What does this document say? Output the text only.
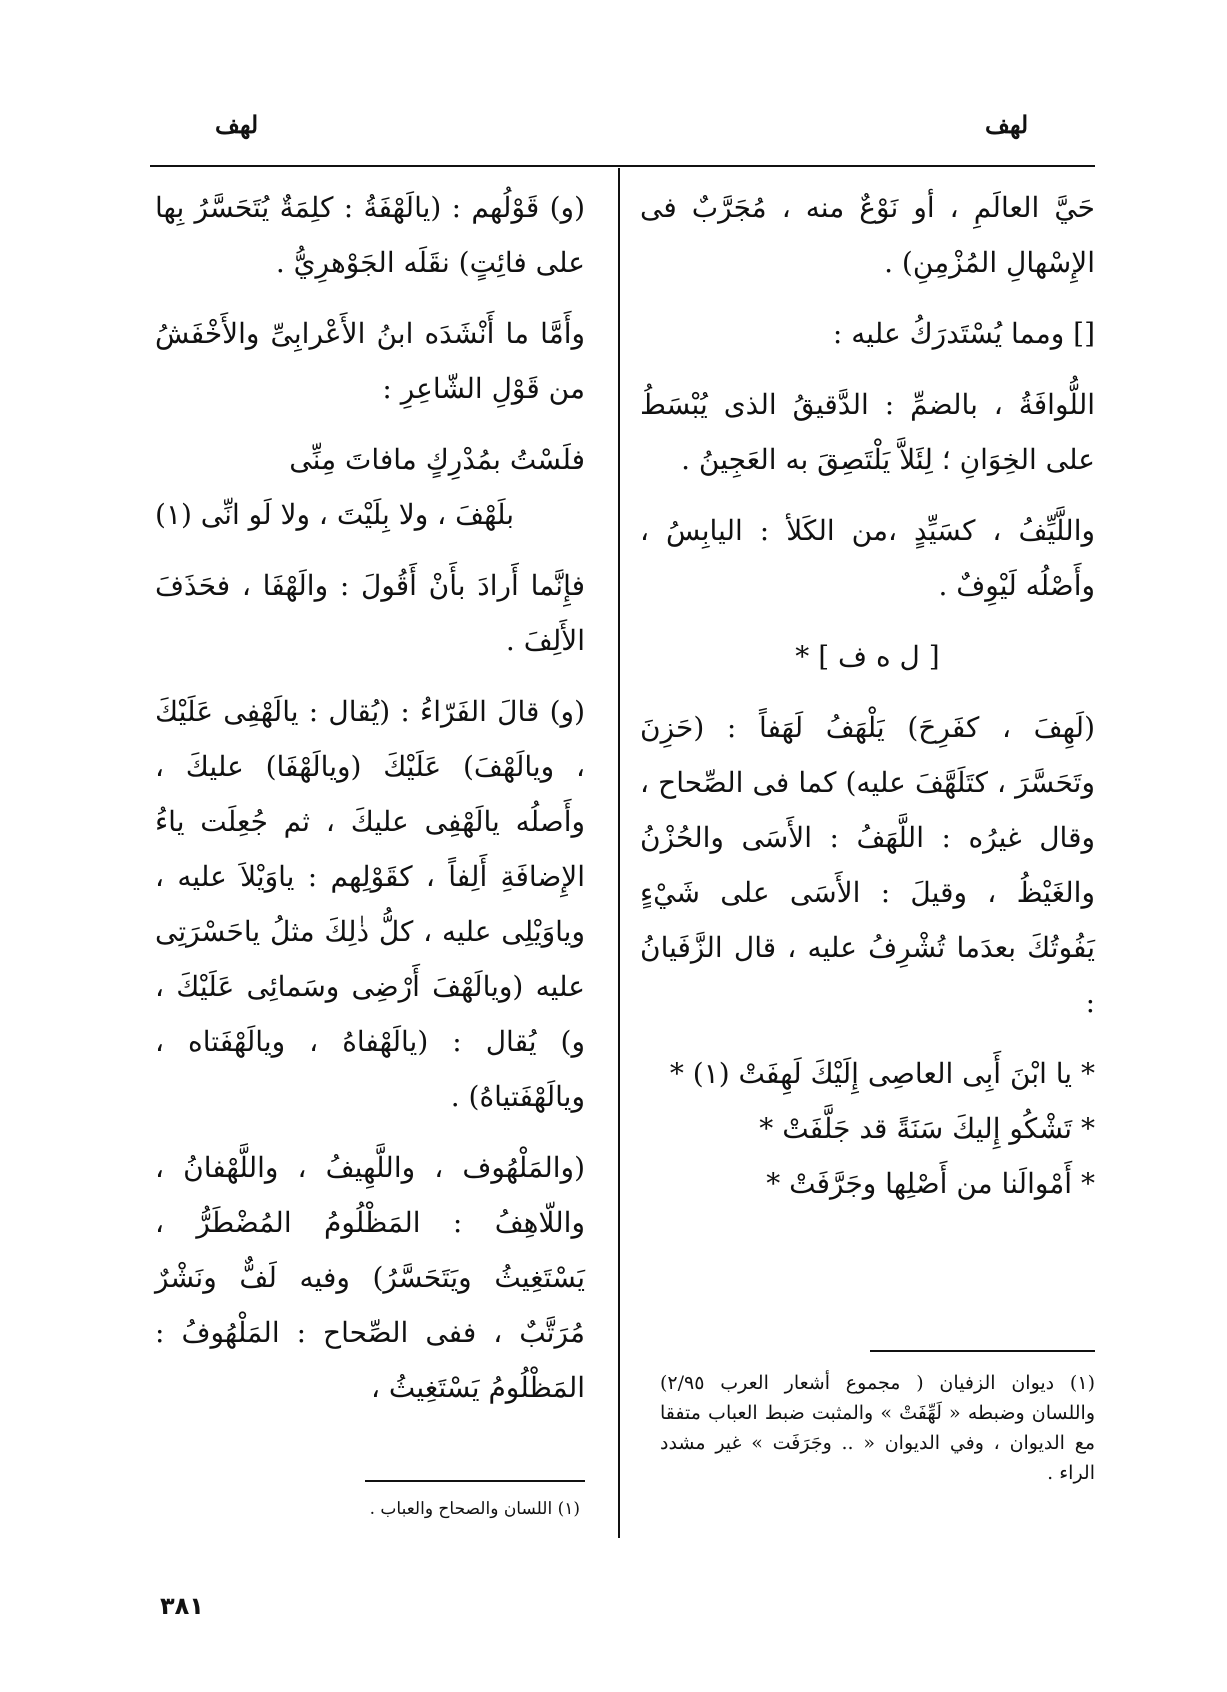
لهف
لهف

حَيَّ العالَمِ ، أو نَوْعٌ منه ، مُجَرَّبٌ فى الإِسْهالِ المُزْمِنِ) .

[] ومما يُسْتَدرَكُ عليه :

اللُّوافَةُ ، بالضمِّ : الدَّقيقُ الذى يُبْسَطُ على الخِوَانِ ؛ لِئَلاَّ يَلْتَصِقَ به العَجِينُ .

واللَّيِّفُ ، كسَيِّدٍ ،من الكَلأ : اليابِسُ ، وأَصْلُه لَيْوِفٌ .

[ ل ه ف ] *

(لَهِفَ ، كفَرِحَ) يَلْهَفُ لَهَفاً : (حَزِنَ وتَحَسَّرَ ، كتَلَهَّفَ عليه) كما فى الصِّحاح ، وقال غيرُه : اللَّهَفُ : الأَسَى والحُزْنُ والغَيْظُ ، وقيلَ : الأَسَى على شَيْءٍ يَفُوتُكَ بعدَما تُشْرِفُ عليه ، قال الزَّفَيانُ :

* يا ابْنَ أَبِى العاصِى إِلَيْكَ لَهِفَتْ (١) *

* تَشْكُو إِليكَ سَنَةً قد جَلَّفَتْ *

* أَمْوالَنا من أَصْلِها وجَرَّفَتْ *

(١) ديوان الزفيان ( مجموع أشعار العرب ٢/٩٥) واللسان وضبطه « لَهِّفَتْ » والمثبت ضبط العباب متفقا مع الديوان ، وفي الديوان « .. وجَرَفَت » غير مشدد الراء .

(و) قَوْلُهم : (يالَهْفَةُ : كلِمَةٌ يُتَحَسَّرُ بِها على فائِتٍ) نقَلَه الجَوْهرِيُّ .

وأَمَّا ما أَنْشَدَه ابنُ الأَعْرابِىِّ والأَخْفَشُ من قَوْلِ الشّاعِرِ :

فلَسْتُ بمُدْرِكٍ مافاتَ مِنِّى

بلَهْفَ ، ولا بِلَيْتَ ، ولا لَو انِّى (١)

فإِنَّما أَرادَ بأَنْ أَقُولَ : والَهْفَا ، فحَذَفَ الأَلِفَ .

(و) قالَ الفَرّاءُ : (يُقال : يالَهْفِى عَلَيْكَ ، ويالَهْفَ) عَلَيْكَ (ويالَهْفَا) عليكَ ، وأَصلُه يالَهْفِى عليكَ ، ثم جُعِلَت ياءُ الإِضافَةِ أَلِفاً ، كقَوْلِهم : ياوَيْلاَ عليه ، وياوَيْلِى عليه ، كلُّ ذٰلِكَ مثلُ ياحَسْرَتِى عليه (ويالَهْفَ أَرْضِى وسَمائِى عَلَيْكَ ، و) يُقال : (يالَهْفاهُ ، ويالَهْفَتاه ، ويالَهْفَتياهُ) .

(والمَلْهُوف ، واللَّهِيفُ ، واللَّهْفانُ ، واللّاهِفُ : المَظْلُومُ المُضْطَرُّ ، يَسْتَغِيثُ ويَتَحَسَّرُ) وفيه لَفٌّ ونَشْرٌ مُرَتَّبٌ ، ففى الصِّحاح : المَلْهُوفُ : المَظْلُومُ يَسْتَغِيثُ ،

(١) اللسان والصحاح والعباب .
٣٨١
